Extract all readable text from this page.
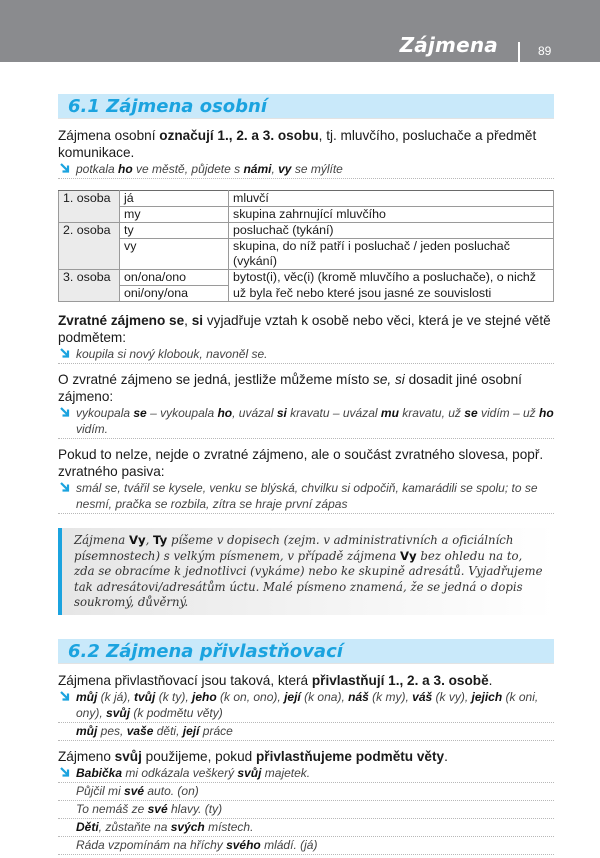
Zájmena	89
6.1 Zájmena osobní
Zájmena osobní označují 1., 2. a 3. osobu, tj. mluvčího, posluchače a předmět komunikace.
potkala ho ve městě, půjdete s námi, vy se mýlíte
1. osoba	já	mluvčí
	my	skupina zahrnující mluvčího
2. osoba	ty	posluchač (tykání)
	vy	skupina, do níž patří i posluchač / jeden posluchač (vykání)
3. osoba	on/ona/ono	bytost(i), věc(i) (kromě mluvčího a posluchače), o nichž
	oni/ony/ona	už byla řeč nebo které jsou jasné ze souvislosti
Zvratné zájmeno se, si vyjadřuje vztah k osobě nebo věci, která je ve stejné větě podmětem:
koupila si nový klobouk, navoněl se.
O zvratné zájmeno se jedná, jestliže můžeme místo se, si dosadit jiné osobní zájmeno:
vykoupala se – vykoupala ho, uvázal si kravatu – uvázal mu kravatu, už se vidím – už ho vidím.
Pokud to nelze, nejde o zvratné zájmeno, ale o součást zvratného slovesa, popř. zvratného pasiva:
smál se, tvářil se kysele, venku se blýská, chvilku si odpočiň, kamarádili se spolu; to se nesmí, pračka se rozbila, zítra se hraje první zápas
Zájmena Vy, Ty píšeme v dopisech (zejm. v administrativních a oficiálních písemnostech) s velkým písmenem, v případě zájmena Vy bez ohledu na to, zda se obracíme k jednotlivci (vykáme) nebo ke skupině adresátů. Vyjadřujeme tak adresátovi/adresátům úctu. Malé písmeno znamená, že se jedná o dopis soukromý, důvěrný.
6.2 Zájmena přivlastňovací
Zájmena přivlastňovací jsou taková, která přivlastňují 1., 2. a 3. osobě.
můj (k já), tvůj (k ty), jeho (k on, ono), její (k ona), náš (k my), váš (k vy), jejich (k oni, ony), svůj (k podmětu věty)
můj pes, vaše děti, její práce
Zájmeno svůj použijeme, pokud přivlastňujeme podmětu věty.
Babička mi odkázala veškerý svůj majetek.
Půjčil mi své auto. (on)
To nemáš ze své hlavy. (ty)
Děti, zůstaňte na svých místech.
Ráda vzpomínám na hříchy svého mládí. (já)
